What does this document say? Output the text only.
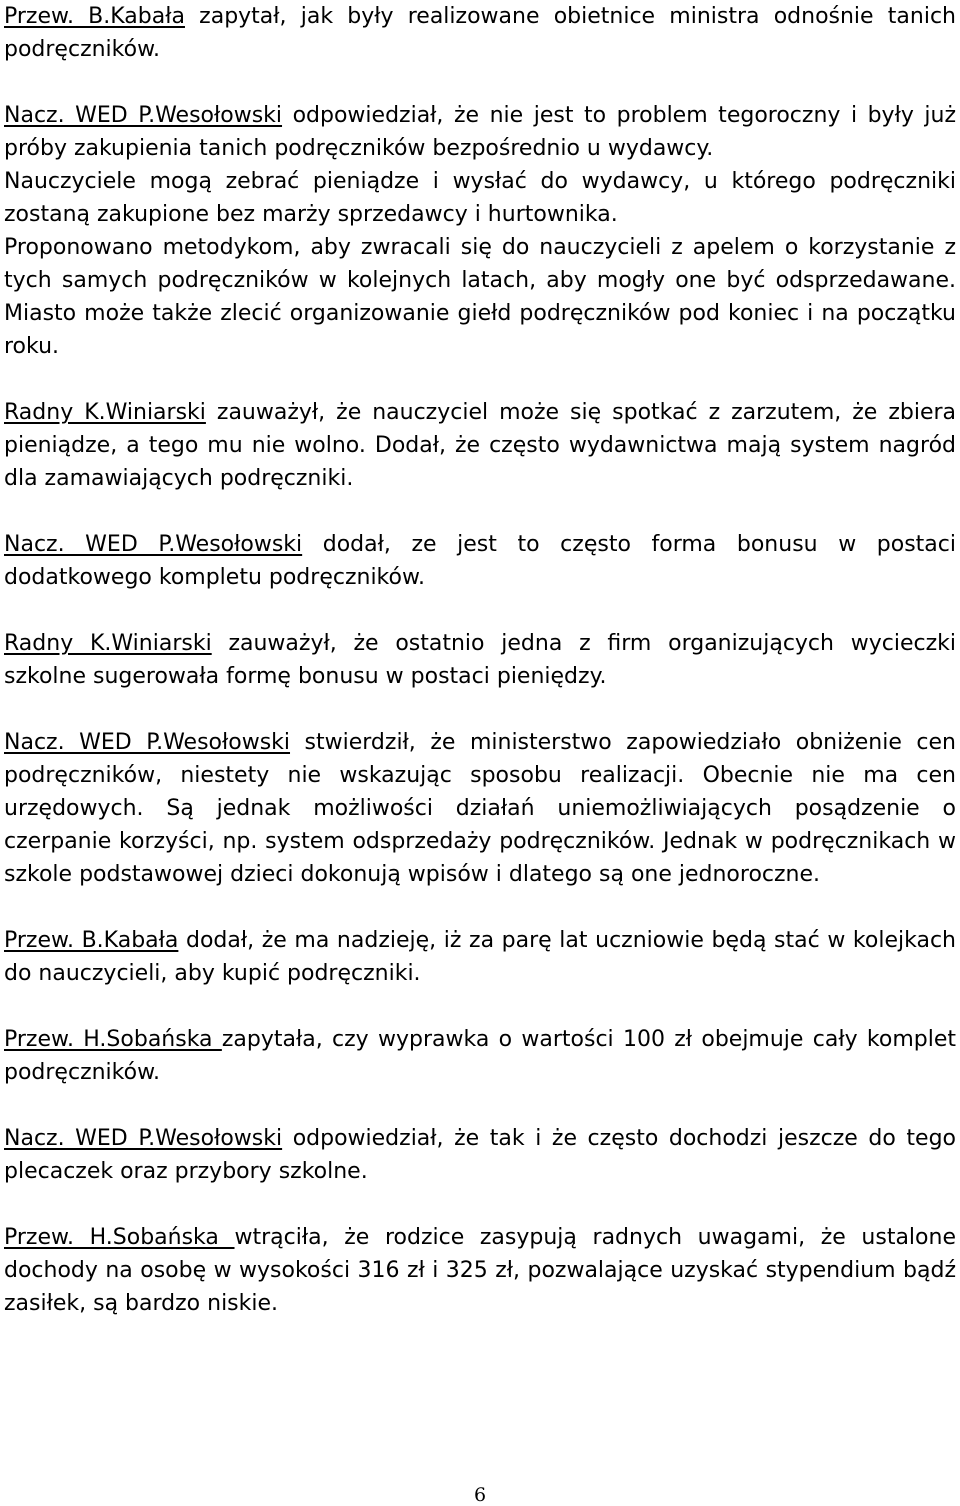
Przew. B.Kabała zapytał, jak były realizowane obietnice ministra odnośnie tanich podręczników.

Nacz. WED P.Wesołowski odpowiedział, że nie jest to problem tegoroczny i były już próby zakupienia tanich podręczników bezpośrednio u wydawcy.

Nauczyciele mogą zebrać pieniądze i wysłać do wydawcy, u którego podręczniki zostaną zakupione bez marży sprzedawcy i hurtownika.

Proponowano metodykom, aby zwracali się do nauczycieli z apelem o korzystanie z tych samych podręczników w kolejnych latach, aby mogły one być odsprzedawane. Miasto może także zlecić organizowanie giełd podręczników pod koniec i na początku roku.

Radny K.Winiarski zauważył, że nauczyciel może się spotkać z zarzutem, że zbiera pieniądze, a tego mu nie wolno. Dodał, że często wydawnictwa mają system nagród dla zamawiających podręczniki.

Nacz. WED P.Wesołowski dodał, ze jest to często forma bonusu w postaci dodatkowego kompletu podręczników.

Radny K.Winiarski zauważył, że ostatnio jedna z firm organizujących wycieczki szkolne sugerowała formę bonusu w postaci pieniędzy.

Nacz. WED P.Wesołowski stwierdził, że ministerstwo zapowiedziało obniżenie cen podręczników, niestety nie wskazując sposobu realizacji. Obecnie nie ma cen urzędowych. Są jednak możliwości działań uniemożliwiających posądzenie o czerpanie korzyści, np. system odsprzedaży podręczników. Jednak w podręcznikach w szkole podstawowej dzieci dokonują wpisów i dlatego są one jednoroczne.

Przew. B.Kabała dodał, że ma nadzieję, iż za parę lat uczniowie będą stać w kolejkach do nauczycieli, aby kupić podręczniki.

Przew. H.Sobańska zapytała, czy wyprawka o wartości 100 zł obejmuje cały komplet podręczników.

Nacz. WED P.Wesołowski odpowiedział, że tak i że często dochodzi jeszcze do tego plecaczek oraz przybory szkolne.

Przew. H.Sobańska wtrąciła, że rodzice zasypują radnych uwagami, że ustalone dochody na osobę w wysokości 316 zł i 325 zł, pozwalające uzyskać stypendium bądź zasiłek, są bardzo niskie.

6
